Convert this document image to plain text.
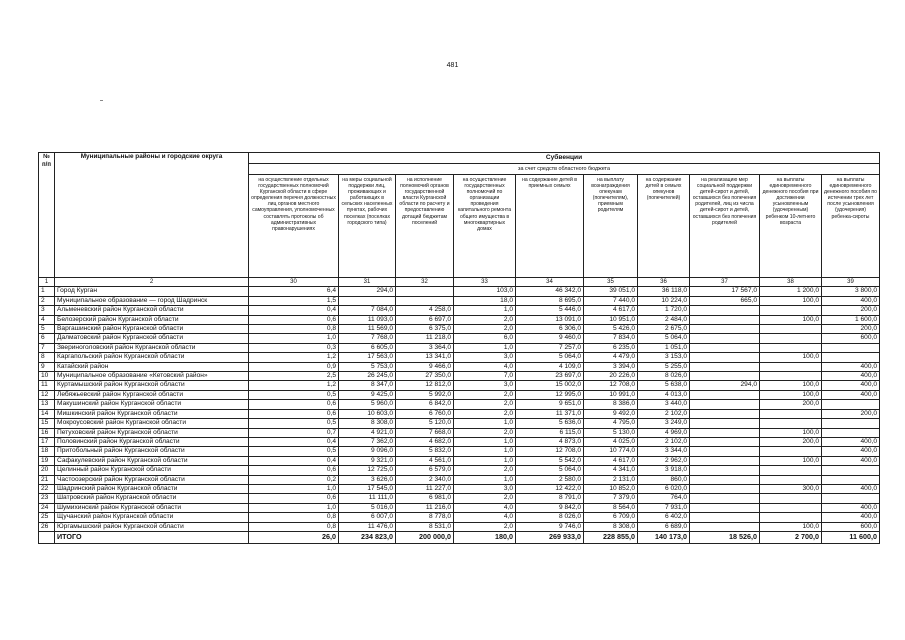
481
№ п/п	Муниципальные районы и городские округа	Субвенции									
		за счет средств областного бюджета									
		на осуществление отдельных государственных полномочий Курганской области в сфере определения перечня должностных лиц органов местного самоуправления, уполномоченных составлять протоколы об административных правонарушениях	на меры социальной поддержки лиц, проживающих и работающих в сельских населенных пунктах, рабочих поселках (поселках городского типа)	на исполнение полномочий органов государственной власти Курганской области по расчету и предоставлению дотаций бюджетам поселений	на осуществление государственных полномочий по организации проведения капитального ремонта общего имущества в многоквартирных домах	на содержание детей в приемных семьях	на выплату вознаграждения опекунам (попечителям), приемным родителям	на содержание детей в семьях опекунов (попечителей)	на реализацию мер социальной поддержки детей-сирот и детей, оставшихся без попечения родителей, лиц из числа детей-сирот и детей, оставшихся без попечения родителей	на выплаты единовременного денежного пособия при достижении усыновленным (удочеренным) ребенком 10-летнего возраста	на выплаты единовременного денежного пособия по истечении трех лет после усыновления (удочерения) ребенка-сироты
1	2	30	31	32	33	34	35	36	37	38	39
1	Город Курган	6,4	294,0		103,0	46 342,0	39 051,0	36 118,0	17 567,0	1 200,0	3 800,0
2	Муниципальное образование — город Шадринск	1,5			18,0	8 695,0	7 440,0	10 224,0	665,0	100,0	400,0
3	Альменевский район Курганской области	0,4	7 084,0	4 258,0	1,0	5 446,0	4 617,0	1 720,0			200,0
4	Белозерский район Курганской области	0,6	11 093,0	6 697,0	2,0	13 091,0	10 951,0	2 484,0		100,0	1 600,0
5	Варгашинский район Курганской области	0,8	11 569,0	6 375,0	2,0	6 306,0	5 426,0	2 675,0			200,0
6	Далматовский район Курганской области	1,0	7 768,0	11 218,0	6,0	9 460,0	7 834,0	5 064,0			600,0
7	Звериноголовский район Курганской области	0,3	6 605,0	3 364,0	1,0	7 257,0	6 235,0	1 051,0			
8	Каргапольский район Курганской области	1,2	17 563,0	13 341,0	3,0	5 064,0	4 479,0	3 153,0		100,0	
9	Катайский район	0,9	5 753,0	9 466,0	4,0	4 109,0	3 394,0	5 255,0			400,0
10	Муниципальное образование «Кетовский район»	2,5	26 245,0	27 350,0	7,0	23 697,0	20 226,0	8 026,0			400,0
11	Куртамышский район Курганской области	1,2	8 347,0	12 812,0	3,0	15 002,0	12 708,0	5 638,0	294,0	100,0	400,0
12	Лебяжьевский район Курганской области	0,5	9 425,0	5 992,0	2,0	12 995,0	10 991,0	4 013,0		100,0	400,0
13	Макушинский район Курганской области	0,6	5 960,0	6 842,0	2,0	9 651,0	8 386,0	3 440,0		200,0	
14	Мишкинский район Курганской области	0,6	10 603,0	6 760,0	2,0	11 371,0	9 492,0	2 102,0			200,0
15	Мокроусовский район Курганской области	0,5	8 308,0	5 120,0	1,0	5 636,0	4 795,0	3 249,0			
16	Петуховский район Курганской области	0,7	4 921,0	7 668,0	2,0	6 115,0	5 130,0	4 969,0		100,0	
17	Половинский район Курганской области	0,4	7 362,0	4 682,0	1,0	4 873,0	4 025,0	2 102,0		200,0	400,0
18	Притобольный район Курганской области	0,5	9 096,0	5 832,0	1,0	12 708,0	10 774,0	3 344,0			400,0
19	Сафакулевский район Курганской области	0,4	9 321,0	4 561,0	1,0	5 542,0	4 617,0	2 962,0		100,0	400,0
20	Целинный район Курганской области	0,6	12 725,0	6 579,0	2,0	5 064,0	4 341,0	3 918,0			
21	Частоозерский район Курганской области	0,2	3 626,0	2 340,0	1,0	2 580,0	2 131,0	860,0			
22	Шадринский район Курганской области	1,0	17 545,0	11 227,0	3,0	12 422,0	10 852,0	6 020,0		300,0	400,0
23	Шатровский район Курганской области	0,6	11 111,0	6 981,0	2,0	8 791,0	7 379,0	764,0			
24	Шумихинский район Курганской области	1,0	5 016,0	11 216,0	4,0	9 842,0	8 564,0	7 931,0			400,0
25	Щучанский район Курганской области	0,8	6 007,0	8 778,0	4,0	8 026,0	6 709,0	6 402,0			400,0
26	Юргамышский район Курганской области	0,8	11 476,0	8 531,0	2,0	9 746,0	8 308,0	6 689,0		100,0	600,0
	ИТОГО	26,0	234 823,0	200 000,0	180,0	269 933,0	228 855,0	140 173,0	18 526,0	2 700,0	11 600,0
